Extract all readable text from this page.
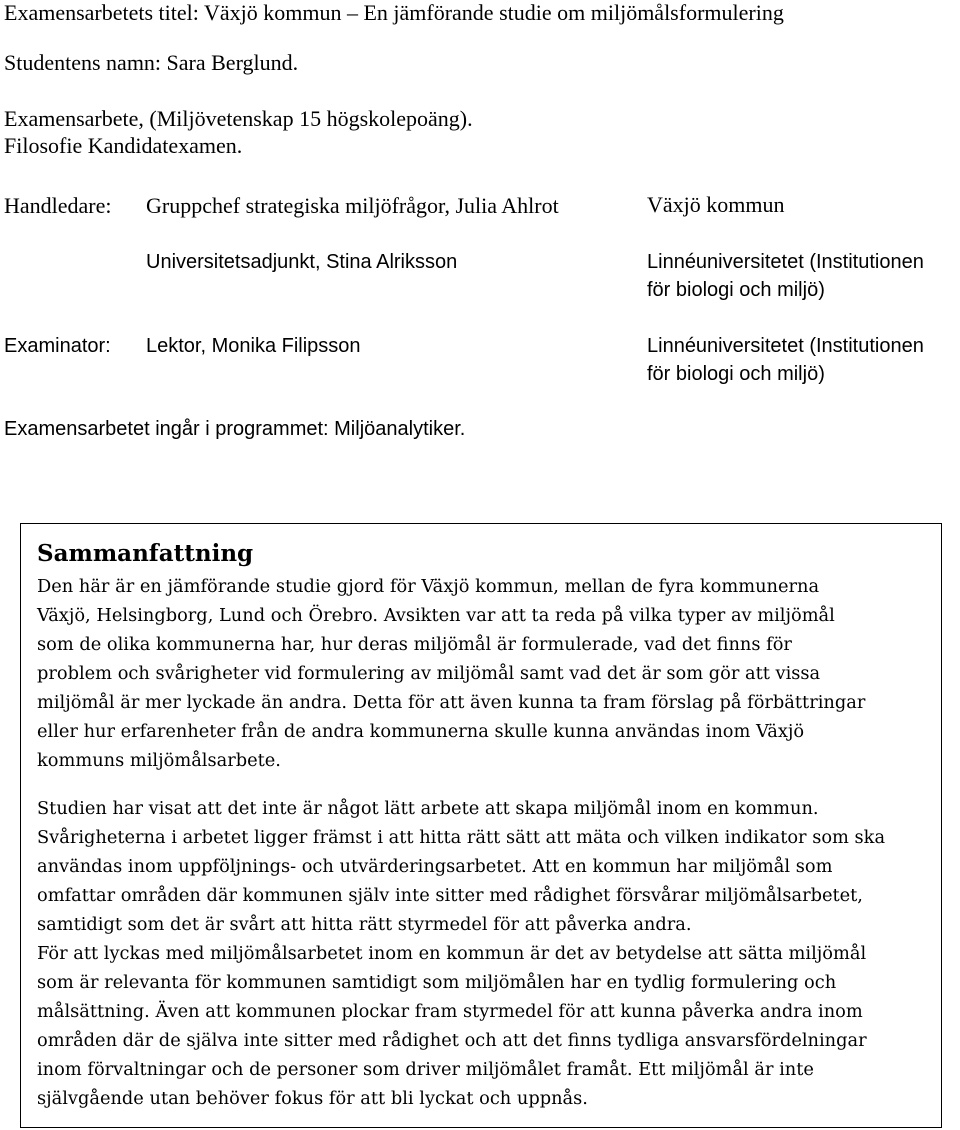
Examensarbetets titel: Växjö kommun – En jämförande studie om miljömålsformulering
Studentens namn: Sara Berglund.
Examensarbete, (Miljövetenskap 15 högskolepoäng).
Filosofie Kandidatexamen.
Handledare: Gruppchef strategiska miljöfrågor, Julia Ahlrot	Växjö kommun
Universitetsadjunkt, Stina Alriksson	Linnéuniversitetet (Institutionen
för biologi och miljö)
Examinator: Lektor, Monika Filipsson	Linnéuniversitetet (Institutionen
för biologi och miljö)
Examensarbetet ingår i programmet: Miljöanalytiker.
Sammanfattning

Den här är en jämförande studie gjord för Växjö kommun, mellan de fyra kommunerna
Växjö, Helsingborg, Lund och Örebro. Avsikten var att ta reda på vilka typer av miljömål
som de olika kommunerna har, hur deras miljömål är formulerade, vad det finns för
problem och svårigheter vid formulering av miljömål samt vad det är som gör att vissa
miljömål är mer lyckade än andra. Detta för att även kunna ta fram förslag på förbättringar
eller hur erfarenheter från de andra kommunerna skulle kunna användas inom Växjö
kommuns miljömålsarbete.

Studien har visat att det inte är något lätt arbete att skapa miljömål inom en kommun.
Svårigheterna i arbetet ligger främst i att hitta rätt sätt att mäta och vilken indikator som ska
användas inom uppföljnings- och utvärderingsarbetet. Att en kommun har miljömål som
omfattar områden där kommunen själv inte sitter med rådighet försvårar miljömålsarbetet,
samtidigt som det är svårt att hitta rätt styrmedel för att påverka andra.
För att lyckas med miljömålsarbetet inom en kommun är det av betydelse att sätta miljömål
som är relevanta för kommunen samtidigt som miljömålen har en tydlig formulering och
målsättning. Även att kommunen plockar fram styrmedel för att kunna påverka andra inom
områden där de själva inte sitter med rådighet och att det finns tydliga ansvarsfördelningar
inom förvaltningar och de personer som driver miljömålet framåt. Ett miljömål är inte
självgående utan behöver fokus för att bli lyckat och uppnås.
